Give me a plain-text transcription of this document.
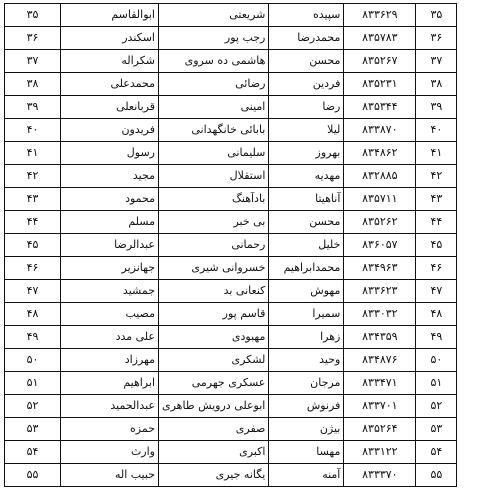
۳۵	۸۳۳۶۲۹	سپیده	شریعتی	ابوالقاسم	۳۵
۳۶	۸۳۵۷۸۳	محمدرضا	رجب پور	اسکندر	۳۶
۳۷	۸۳۵۲۶۷	محسن	هاشمی ده سروی	شکراله	۳۷
۳۸	۸۳۵۲۳۱	فردین	رضائی	محمدعلی	۳۸
۳۹	۸۳۵۳۴۴	رضا	امینی	قربانعلی	۳۹
۴۰	۸۳۳۸۷۰	لیلا	بابائی خانگهدانی	فریدون	۴۰
۴۱	۸۳۴۸۶۲	بهروز	سلیمانی	رسول	۴۱
۴۲	۸۳۲۸۸۵	مهدیه	استقلال	مجید	۴۲
۴۳	۸۳۵۷۱۱	آناهیتا	بادآهنگ	محمود	۴۳
۴۴	۸۳۵۲۶۲	محسن	بی خبر	مسلم	۴۴
۴۵	۸۳۶۰۵۷	خلیل	رحمانی	عبدالرضا	۴۵
۴۶	۸۳۴۹۶۳	محمدابراهیم	خسروانی شیری	جهانزیر	۴۶
۴۷	۸۳۳۶۲۳	مهوش	کنعانی بد	جمشید	۴۷
۴۸	۸۳۳۰۳۲	سمیرا	قاسم پور	مصیب	۴۸
۴۹	۸۳۴۳۵۹	زهرا	مهبودی	علی مدد	۴۹
۵۰	۸۳۴۸۷۶	وحید	لشکری	مهرزاد	۵۰
۵۱	۸۳۳۴۷۱	مرجان	عسکری جهرمی	ابراهیم	۵۱
۵۲	۸۳۳۷۰۱	فرنوش	ابوعلی درویش طاهری	عبدالحمید	۵۲
۵۳	۸۳۵۲۶۴	بیژن	صفری	حمزه	۵۳
۵۴	۸۳۳۱۲۲	مهسا	اکبری	وارث	۵۴
۵۵	۸۳۳۳۷۰	آمنه	یگانه جیری	حبیب اله	۵۵
